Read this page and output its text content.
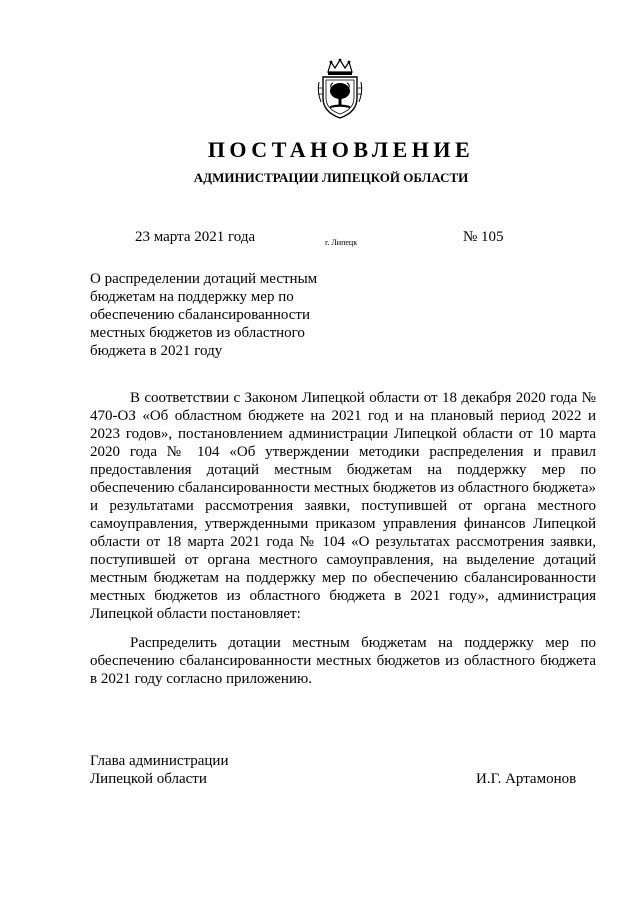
ПОСТАНОВЛЕНИЕ
АДМИНИСТРАЦИИ ЛИПЕЦКОЙ ОБЛАСТИ
23 марта 2021 года	г. Липецк	№ 105
О распределении дотаций местным бюджетам на поддержку мер по обеспечению сбалансированности местных бюджетов из областного бюджета в 2021 году

В соответствии с Законом Липецкой области от 18 декабря 2020 года № 470-ОЗ «Об областном бюджете на 2021 год и на плановый период 2022 и 2023 годов», постановлением администрации Липецкой области от 10 марта 2020 года № 104 «Об утверждении методики распределения и правил предоставления дотаций местным бюджетам на поддержку мер по обеспечению сбалансированности местных бюджетов из областного бюджета» и результатами рассмотрения заявки, поступившей от органа местного самоуправления, утвержденными приказом управления финансов Липецкой области от 18 марта 2021 года № 104 «О результатах рассмотрения заявки, поступившей от органа местного самоуправления, на выделение дотаций местным бюджетам на поддержку мер по обеспечению сбалансированности местных бюджетов из областного бюджета в 2021 году», администрация Липецкой области постановляет:

Распределить дотации местным бюджетам на поддержку мер по обеспечению сбалансированности местных бюджетов из областного бюджета в 2021 году согласно приложению.

Глава администрации
Липецкой области	И.Г. Артамонов
